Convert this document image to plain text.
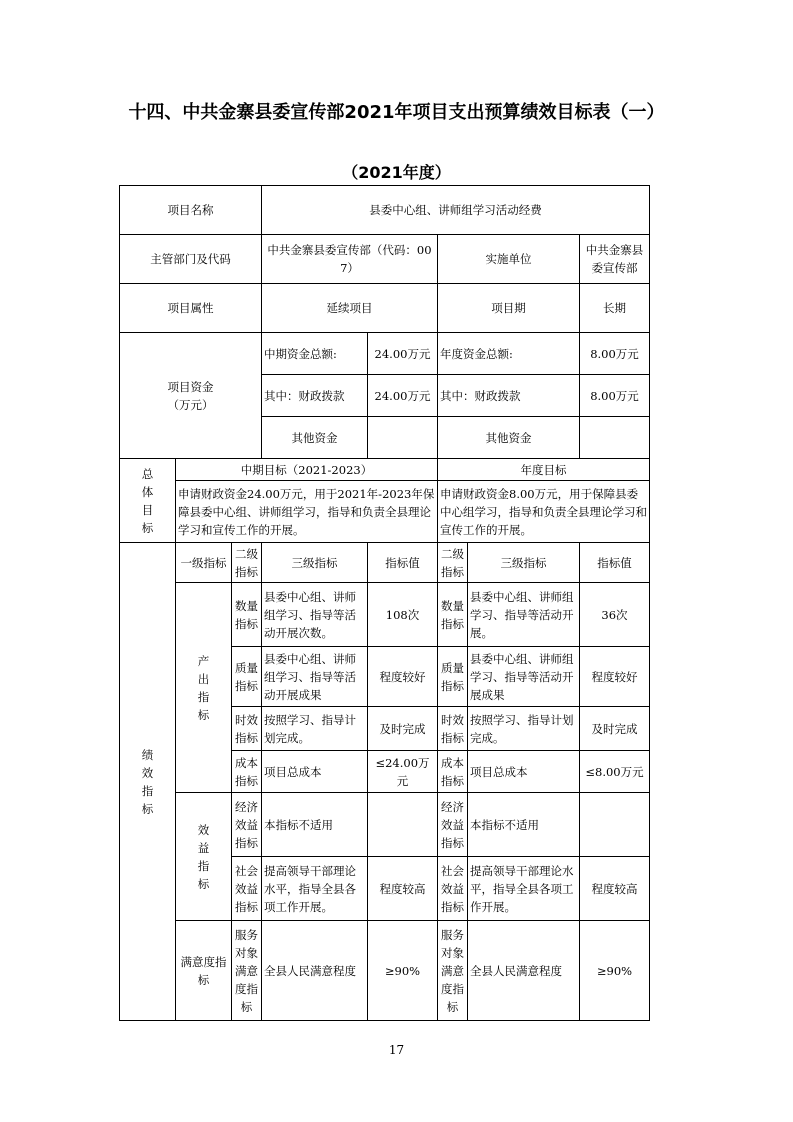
十四、中共金寨县委宣传部2021年项目支出预算绩效目标表（一）
（2021年度）
项目名称			县委中心组、讲师组学习活动经费				
主管部门及代码			中共金寨县委宣传部（代码：007）		实施单位		中共金寨县委宣传部
项目属性			延续项目		项目期		长期
项目资金（万元）			中期资金总额:	24.00万元	年度资金总额:		8.00万元
			其中：财政拨款	24.00万元	其中：财政拨款		8.00万元
			其他资金		其他资金		
总体目标	中期目标（2021-2023）				年度目标		
	申请财政资金24.00万元，用于2021年-2023年保障县委中心组、讲师组学习，指导和负责全县理论学习和宣传工作的开展。				申请财政资金8.00万元，用于保障县委中心组学习，指导和负责全县理论学习和宣传工作的开展。		
绩效指标	一级指标	二级指标	三级指标	指标值	二级指标	三级指标	指标值
	产出指标	数量指标	县委中心组、讲师组学习、指导等活动开展次数。	108次	数量指标	县委中心组、讲师组学习、指导等活动开展。	36次
		质量指标	县委中心组、讲师组学习、指导等活动开展成果	程度较好	质量指标	县委中心组、讲师组学习、指导等活动开展成果	程度较好
		时效指标	按照学习、指导计划完成。	及时完成	时效指标	按照学习、指导计划完成。	及时完成
		成本指标	项目总成本	≤24.00万元	成本指标	项目总成本	≤8.00万元
	效益指标	经济效益指标	本指标不适用		经济效益指标	本指标不适用	
		社会效益指标	提高领导干部理论水平，指导全县各项工作开展。	程度较高	社会效益指标	提高领导干部理论水平，指导全县各项工作开展。	程度较高
	满意度指标	服务对象满意度指标	全县人民满意程度	≥90%	服务对象满意度指标	全县人民满意程度	≥90%
17
